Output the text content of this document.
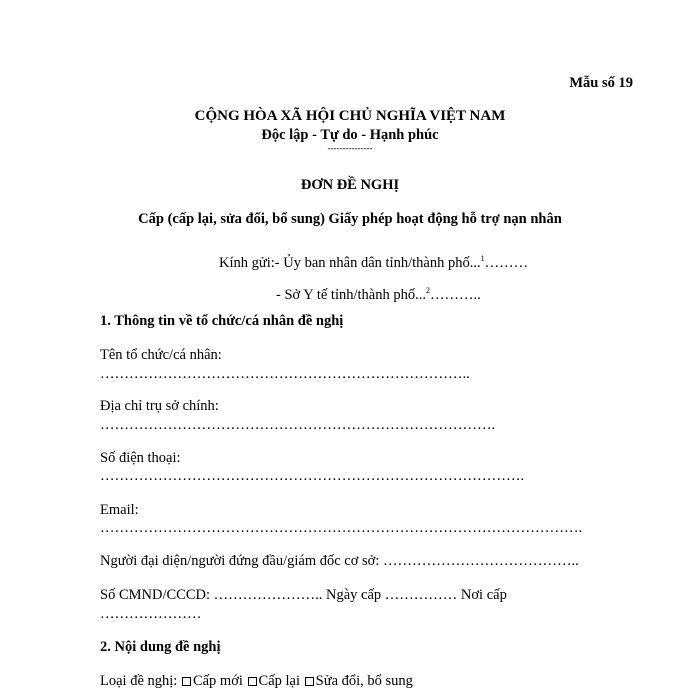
Mẫu số 19
CỘNG HÒA XÃ HỘI CHỦ NGHĨA VIỆT NAM
Độc lập - Tự do - Hạnh phúc
---------------
ĐƠN ĐỀ NGHỊ
Cấp (cấp lại, sửa đổi, bổ sung) Giấy phép hoạt động hỗ trợ nạn nhân
Kính gửi:- Ủy ban nhân dân tỉnh/thành phố...$^1$………
- Sở Y tế tỉnh/thành phố...$^2$………..
1. Thông tin về tổ chức/cá nhân đề nghị
Tên tổ chức/cá nhân:
…………………………………………………………………..
Địa chỉ trụ sở chính:
……………………………………………………………………….
Số điện thoại:
…………………………………………………………………………….
Email:
……………………………………………………………………………………….
Người đại diện/người đứng đầu/giám đốc cơ sở: …………………………………..
Số CMND/CCCD: ………………….. Ngày cấp …………… Nơi cấp
…………………
2. Nội dung đề nghị
Loại đề nghị: Cấp mới Cấp lại Sửa đổi, bổ sung
